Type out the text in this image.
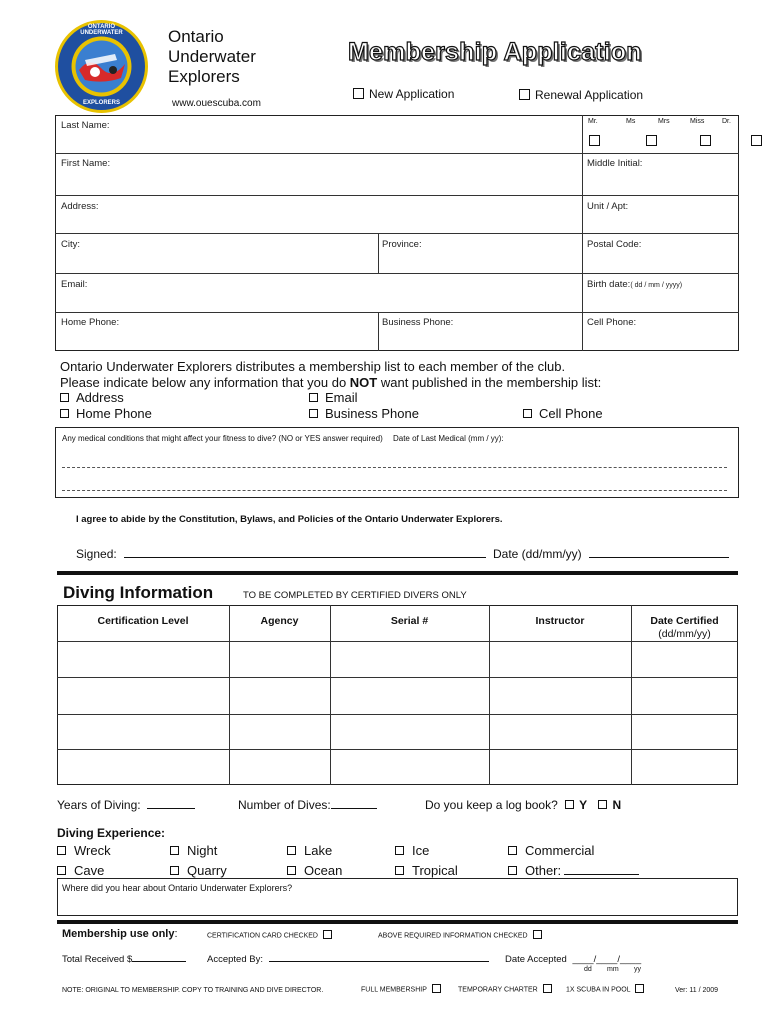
ONTARIO UNDERWATER
EXPLORERS
Ontario
Underwater
Explorers
www.ouescuba.com
Membership Application
New Application	Renewal Application
Last Name:	Mr.	Ms	Mrs	Miss	Dr.

First Name:	Middle Initial:
Address:	Unit / Apt:
City:	Province:	Postal Code:
Email:	Birth date:( dd / mm / yyyy)
Home Phone:	Business Phone:	Cell Phone:
Ontario Underwater Explorers distributes a membership list to each member of the club.
Please indicate below any information that you do NOT want published in the membership list:
Address	Email
Home Phone	Business Phone	Cell Phone
Any medical conditions that might affect your fitness to dive? (NO or YES answer required) Date of Last Medical (mm / yy):
I agree to abide by the Constitution, Bylaws, and Policies of the Ontario Underwater Explorers.
Signed:	Date (dd/mm/yy)
Diving Information	TO BE COMPLETED BY CERTIFIED DIVERS ONLY
Certification Level	Agency	Serial #	Instructor	Date Certified
(dd/mm/yy)
Years of Diving:	Number of Dives:	Do you keep a log book? Y N
Diving Experience:
Wreck	Night	Lake	Ice	Commercial
Cave	Quarry	Ocean	Tropical	Other:
Where did you hear about Ontario Underwater Explorers?
Membership use only:	CERTIFICATION CARD CHECKED	ABOVE REQUIRED INFORMATION CHECKED
Total Received $	Accepted By:	Date Accepted ____/____/____
dd mm yy
NOTE: ORIGINAL TO MEMBERSHIP. COPY TO TRAINING AND DIVE DIRECTOR.	FULL MEMBERSHIP	TEMPORARY CHARTER	1X SCUBA IN POOL	Ver: 11 / 2009
